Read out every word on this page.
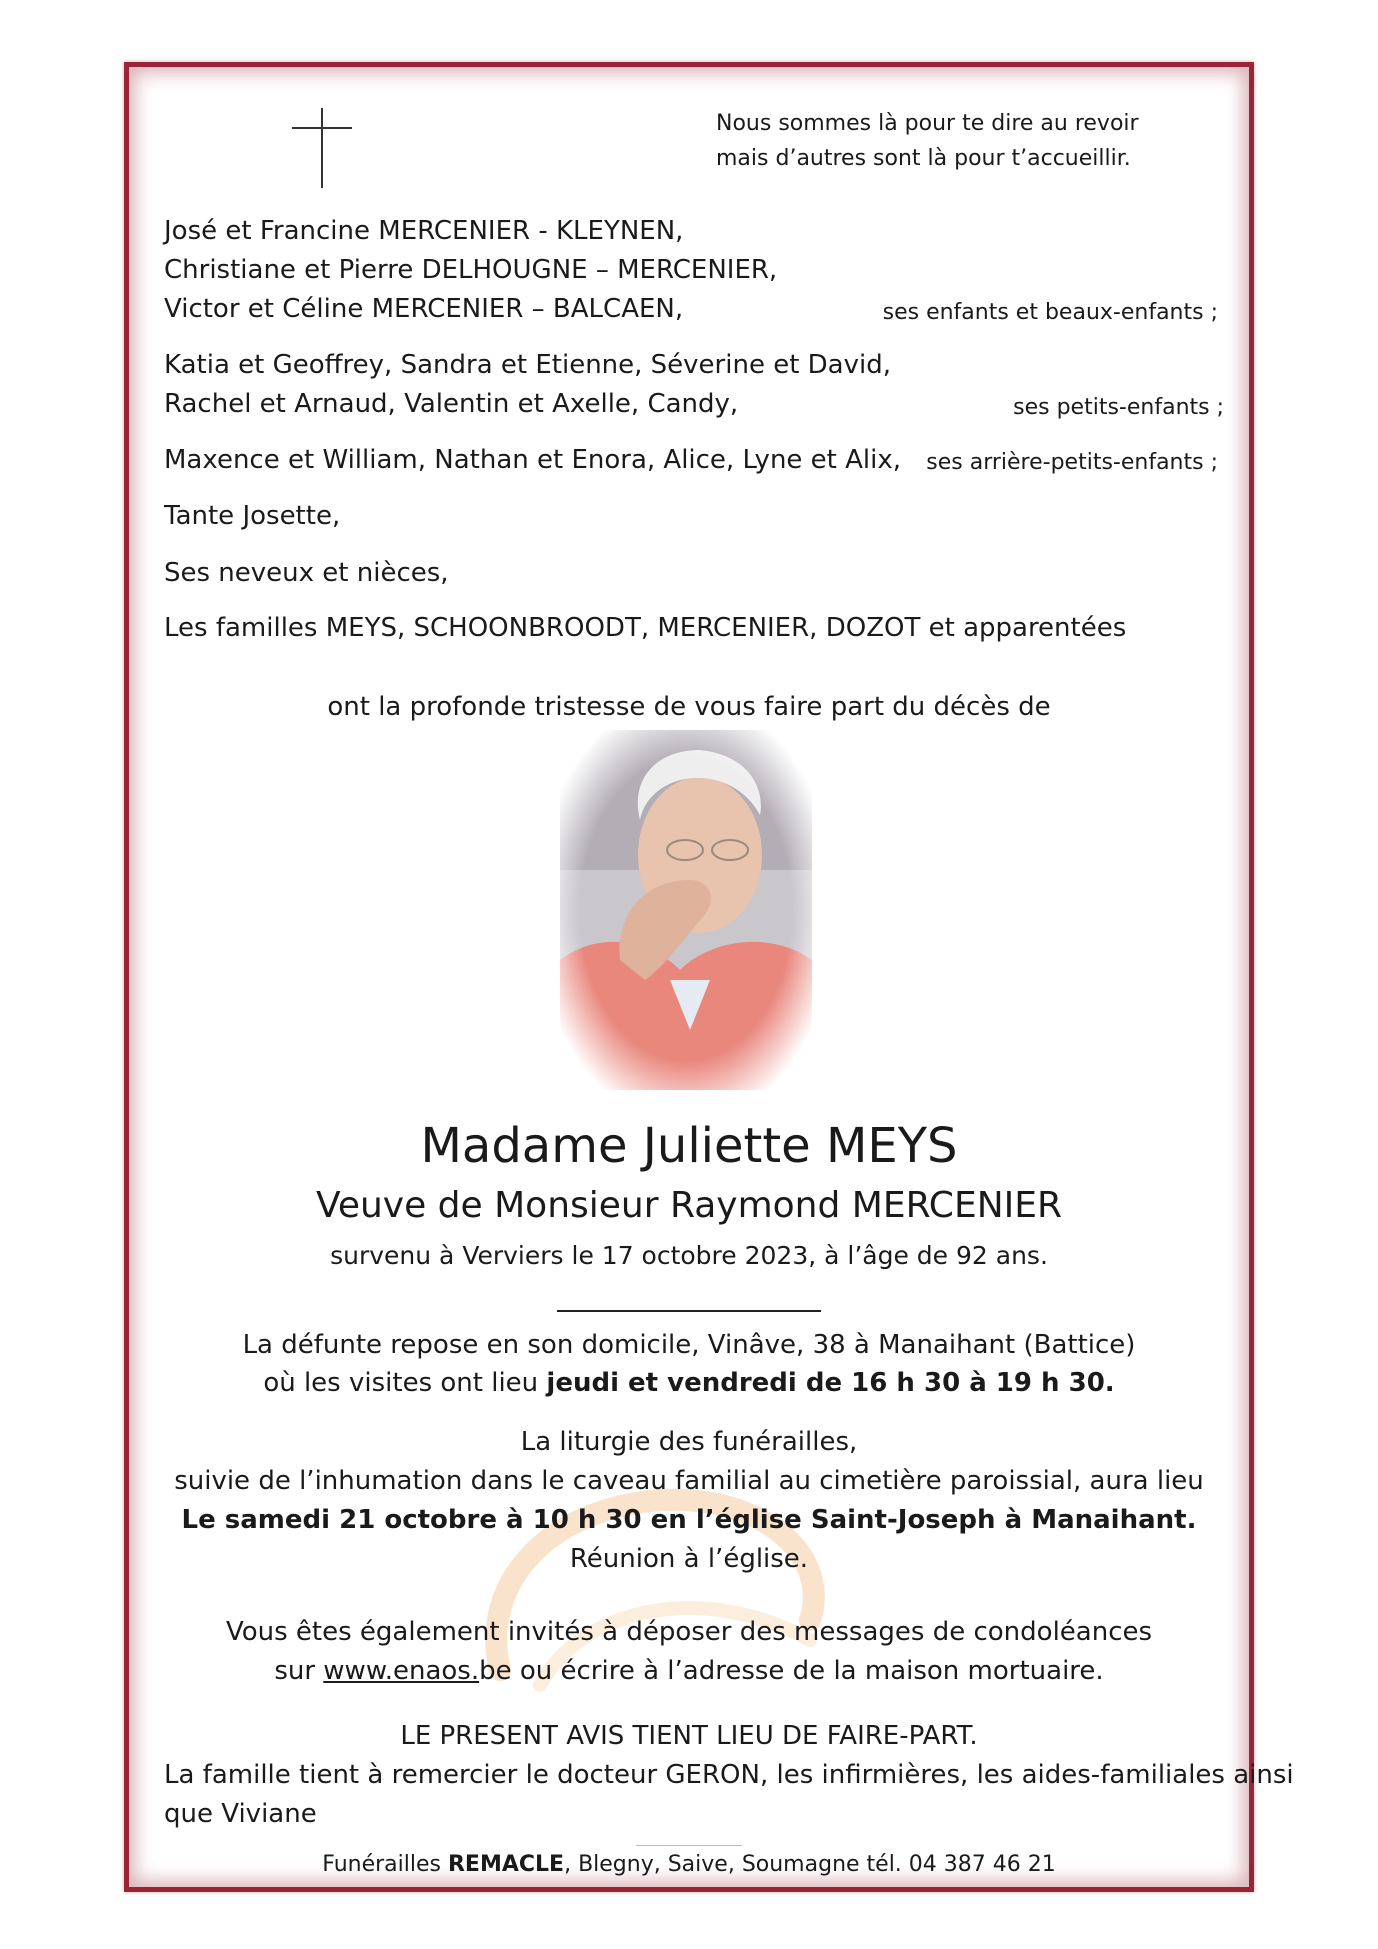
Nous sommes là pour te dire au revoir
mais d’autres sont là pour t’accueillir.
José et Francine MERCENIER - KLEYNEN,
Christiane et Pierre DELHOUGNE – MERCENIER,
Victor et Céline MERCENIER – BALCAEN,	ses enfants et beaux-enfants ;
Katia et Geoffrey, Sandra et Etienne, Séverine et David,
Rachel et Arnaud, Valentin et Axelle, Candy,	ses petits-enfants ;
Maxence et William, Nathan et Enora, Alice, Lyne et Alix, ses arrière-petits-enfants ;
Tante Josette,
Ses neveux et nièces,
Les familles MEYS, SCHOONBROODT, MERCENIER, DOZOT et apparentées
ont la profonde tristesse de vous faire part du décès de
Madame Juliette MEYS
Veuve de Monsieur Raymond MERCENIER
survenu à Verviers le 17 octobre 2023, à l’âge de 92 ans.
La défunte repose en son domicile, Vinâve, 38 à Manaihant (Battice)
où les visites ont lieu jeudi et vendredi de 16 h 30 à 19 h 30.
La liturgie des funérailles,
suivie de l’inhumation dans le caveau familial au cimetière paroissial, aura lieu
Le samedi 21 octobre à 10 h 30 en l’église Saint-Joseph à Manaihant.
Réunion à l’église.
Vous êtes également invités à déposer des messages de condoléances
sur www.enaos.be ou écrire à l’adresse de la maison mortuaire.
LE PRESENT AVIS TIENT LIEU DE FAIRE-PART.
La famille tient à remercier le docteur GERON, les infirmières, les aides-familiales ainsi
que Viviane
Funérailles REMACLE, Blegny, Saive, Soumagne tél. 04 387 46 21
